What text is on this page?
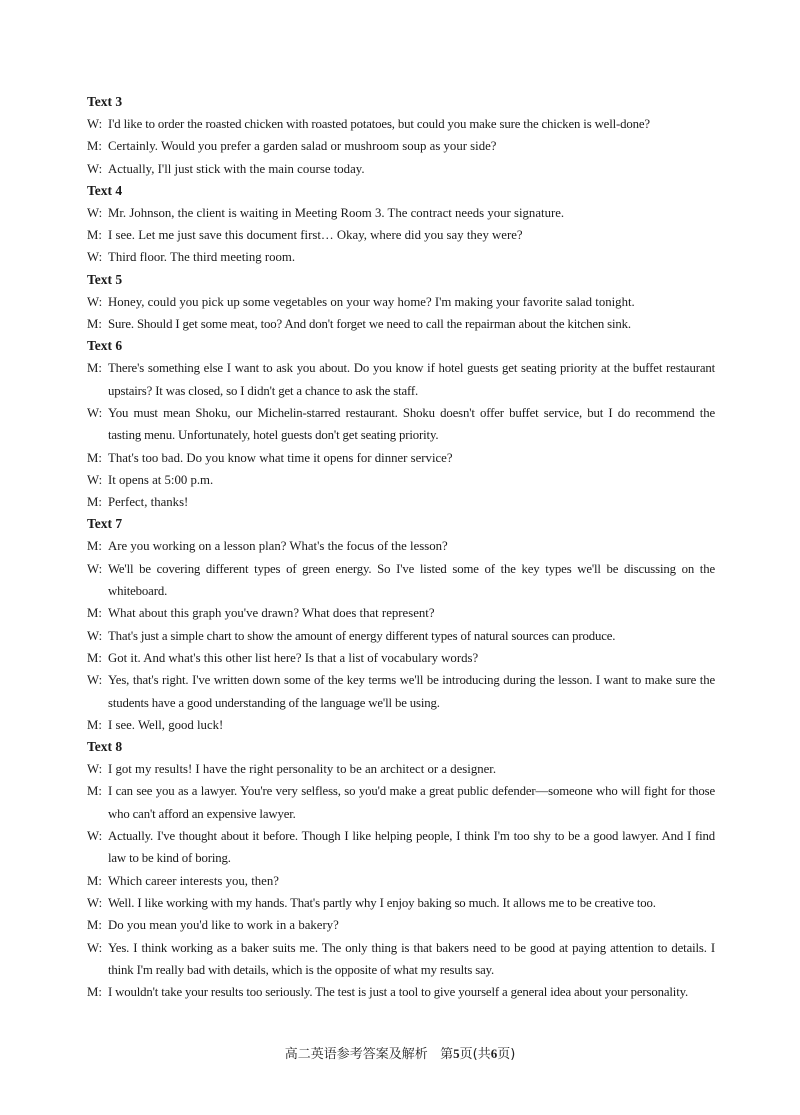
Text 3
W: I'd like to order the roasted chicken with roasted potatoes, but could you make sure the chicken is well-done?
M: Certainly. Would you prefer a garden salad or mushroom soup as your side?
W: Actually, I'll just stick with the main course today.
Text 4
W: Mr. Johnson, the client is waiting in Meeting Room 3. The contract needs your signature.
M: I see. Let me just save this document first… Okay, where did you say they were?
W: Third floor. The third meeting room.
Text 5
W: Honey, could you pick up some vegetables on your way home? I'm making your favorite salad tonight.
M: Sure. Should I get some meat, too? And don't forget we need to call the repairman about the kitchen sink.
Text 6
M: There's something else I want to ask you about. Do you know if hotel guests get seating priority at the buffet restaurant upstairs? It was closed, so I didn't get a chance to ask the staff.
W: You must mean Shoku, our Michelin-starred restaurant. Shoku doesn't offer buffet service, but I do recommend the tasting menu. Unfortunately, hotel guests don't get seating priority.
M: That's too bad. Do you know what time it opens for dinner service?
W: It opens at 5:00 p.m.
M: Perfect, thanks!
Text 7
M: Are you working on a lesson plan? What's the focus of the lesson?
W: We'll be covering different types of green energy. So I've listed some of the key types we'll be discussing on the whiteboard.
M: What about this graph you've drawn? What does that represent?
W: That's just a simple chart to show the amount of energy different types of natural sources can produce.
M: Got it. And what's this other list here? Is that a list of vocabulary words?
W: Yes, that's right. I've written down some of the key terms we'll be introducing during the lesson. I want to make sure the students have a good understanding of the language we'll be using.
M: I see. Well, good luck!
Text 8
W: I got my results! I have the right personality to be an architect or a designer.
M: I can see you as a lawyer. You're very selfless, so you'd make a great public defender—someone who will fight for those who can't afford an expensive lawyer.
W: Actually. I've thought about it before. Though I like helping people, I think I'm too shy to be a good lawyer. And I find law to be kind of boring.
M: Which career interests you, then?
W: Well. I like working with my hands. That's partly why I enjoy baking so much. It allows me to be creative too.
M: Do you mean you'd like to work in a bakery?
W: Yes. I think working as a baker suits me. The only thing is that bakers need to be good at paying attention to details. I think I'm really bad with details, which is the opposite of what my results say.
M: I wouldn't take your results too seriously. The test is just a tool to give yourself a general idea about your personality.
高二英语参考答案及解析 第5页(共6页)
